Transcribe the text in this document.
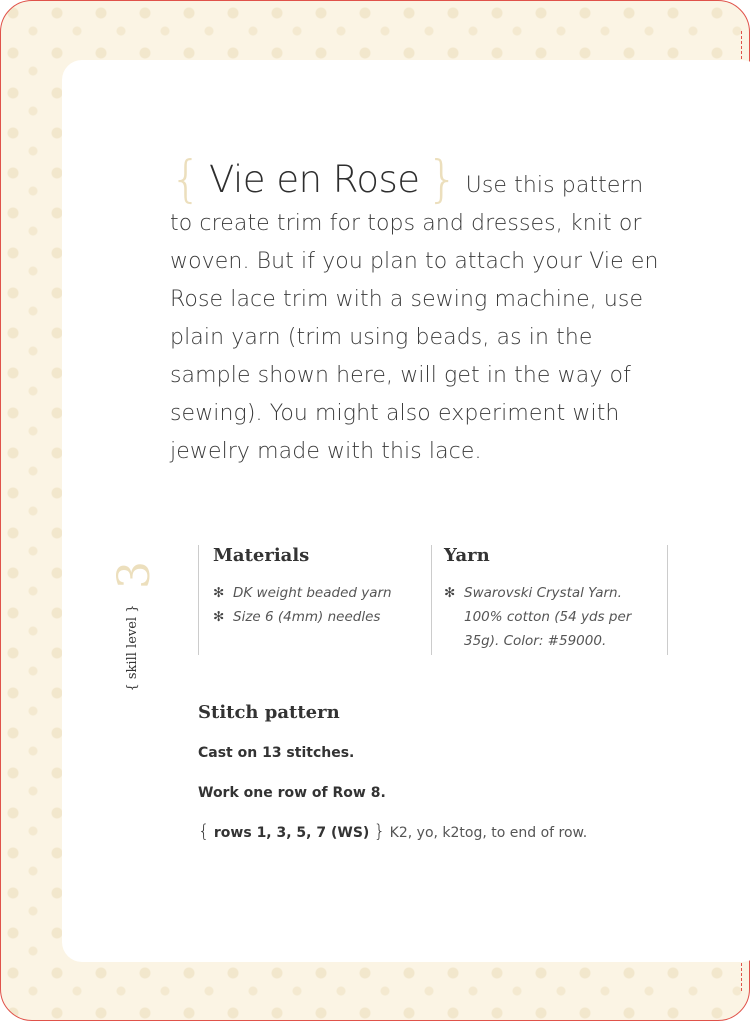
{ Vie en Rose } Use this pattern to create trim for tops and dresses, knit or woven. But if you plan to attach your Vie en Rose lace trim with a sewing machine, use plain yarn (trim using beads, as in the sample shown here, will get in the way of sewing). You might also experiment with jewelry made with this lace.
3
{ skill level }
Materials
✻ DK weight beaded yarn
✻ Size 6 (4mm) needles
Yarn
✻ Swarovski Crystal Yarn. 100% cotton (54 yds per 35g). Color: #59000.
Stitch pattern

Cast on 13 stitches.

Work one row of Row 8.

{ rows 1, 3, 5, 7 (WS) } K2, yo, k2tog, to end of row.
